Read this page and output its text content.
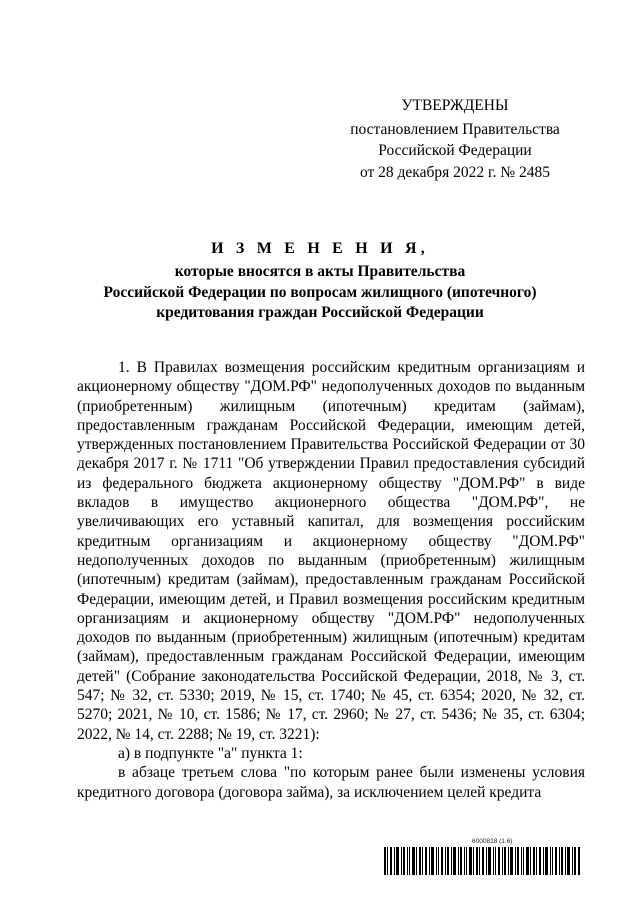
УТВЕРЖДЕНЫ
постановлением Правительства
Российской Федерации
от 28 декабря 2022 г. № 2485
И З М Е Н Е Н И Я,
которые вносятся в акты Правительства
Российской Федерации по вопросам жилищного (ипотечного)
кредитования граждан Российской Федерации

1. В Правилах возмещения российским кредитным организациям и акционерному обществу "ДОМ.РФ" недополученных доходов по выданным (приобретенным) жилищным (ипотечным) кредитам (займам), предоставленным гражданам Российской Федерации, имеющим детей, утвержденных постановлением Правительства Российской Федерации от 30 декабря 2017 г. № 1711 "Об утверждении Правил предоставления субсидий из федерального бюджета акционерному обществу "ДОМ.РФ" в виде вкладов в имущество акционерного общества "ДОМ.РФ", не увеличивающих его уставный капитал, для возмещения российским кредитным организациям и акционерному обществу "ДОМ.РФ" недополученных доходов по выданным (приобретенным) жилищным (ипотечным) кредитам (займам), предоставленным гражданам Российской Федерации, имеющим детей, и Правил возмещения российским кредитным организациям и акционерному обществу "ДОМ.РФ" недополученных доходов по выданным (приобретенным) жилищным (ипотечным) кредитам (займам), предоставленным гражданам Российской Федерации, имеющим детей" (Собрание законодательства Российской Федерации, 2018, № 3, ст. 547; № 32, ст. 5330; 2019, № 15, ст. 1740; № 45, ст. 6354; 2020, № 32, ст. 5270; 2021, № 10, ст. 1586; № 17, ст. 2960; № 27, ст. 5436; № 35, ст. 6304; 2022, № 14, ст. 2288; № 19, ст. 3221):

а) в подпункте "а" пункта 1:

в абзаце третьем слова "по которым ранее были изменены условия кредитного договора (договора займа), за исключением целей кредита

6000818 (1.6)
